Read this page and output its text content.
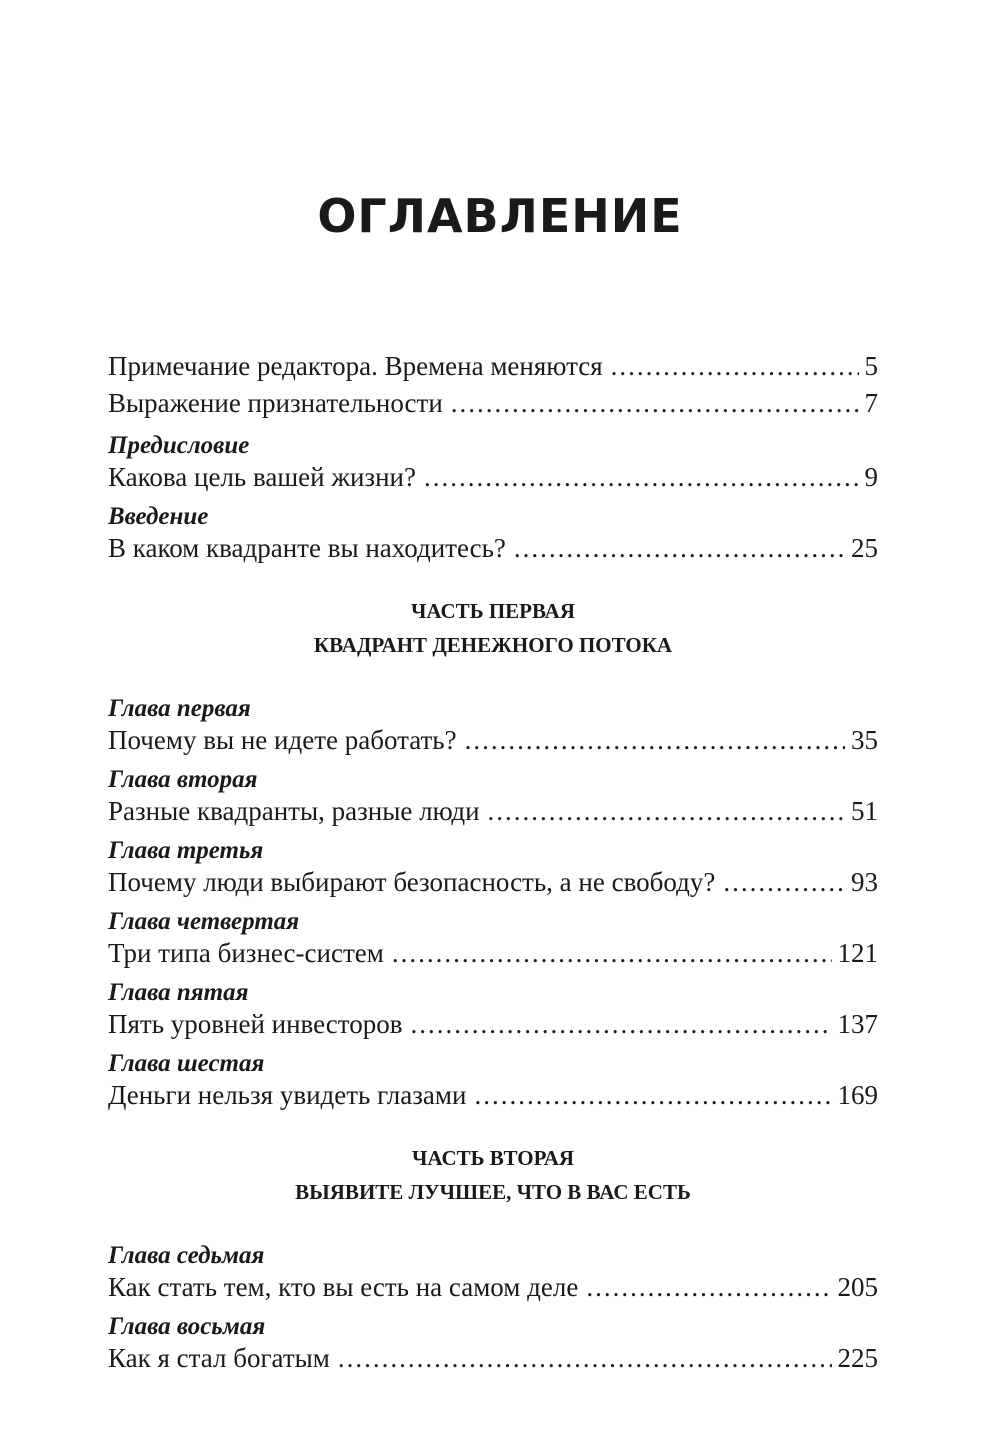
ОГЛАВЛЕНИЕ
Примечание редактора. Времена меняются .....	5
Выражение признательности .....	7
Предисловие
Какова цель вашей жизни? .....	9
Введение
В каком квадранте вы находитесь? .....	25
ЧАСТЬ ПЕРВАЯ
КВАДРАНТ ДЕНЕЖНОГО ПОТОКА
Глава первая
Почему вы не идете работать? .....	35
Глава вторая
Разные квадранты, разные люди .....	51
Глава третья
Почему люди выбирают безопасность, а не свободу? .....	93
Глава четвертая
Три типа бизнес-систем .....	121
Глава пятая
Пять уровней инвесторов .....	137
Глава шестая
Деньги нельзя увидеть глазами .....	169
ЧАСТЬ ВТОРАЯ
ВЫЯВИТЕ ЛУЧШЕЕ, ЧТО В ВАС ЕСТЬ
Глава седьмая
Как стать тем, кто вы есть на самом деле .....	205
Глава восьмая
Как я стал богатым .....	225
